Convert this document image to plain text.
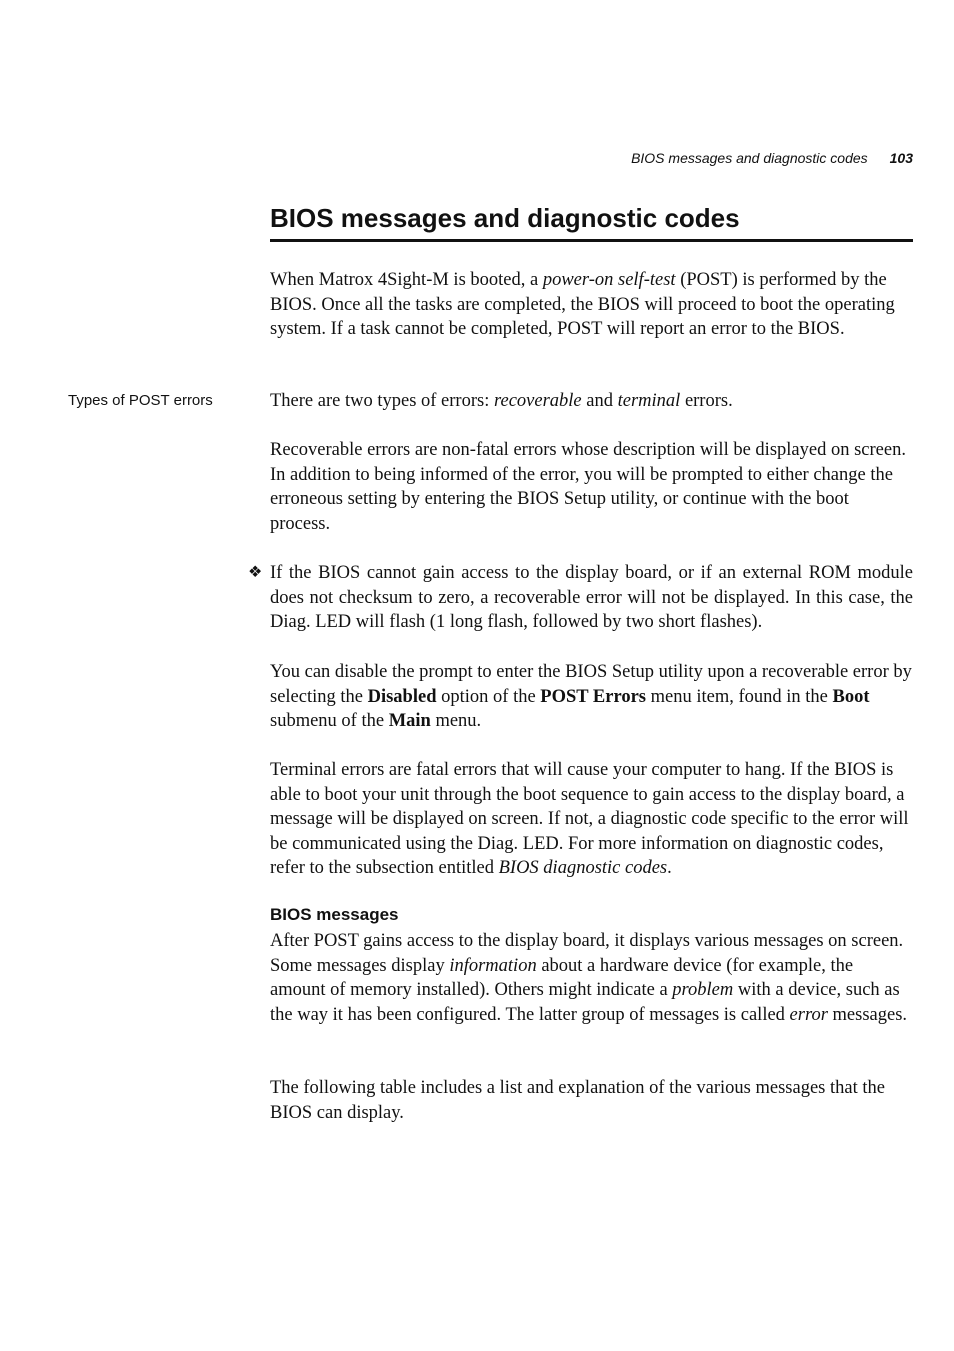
BIOS messages and diagnostic codes 103
BIOS messages and diagnostic codes

When Matrox 4Sight-M is booted, a power-on self-test (POST) is performed by the BIOS. Once all the tasks are completed, the BIOS will proceed to boot the operating system. If a task cannot be completed, POST will report an error to the BIOS.

Types of POST errors	There are two types of errors: recoverable and terminal errors.

Recoverable errors are non-fatal errors whose description will be displayed on screen. In addition to being informed of the error, you will be prompted to either change the erroneous setting by entering the BIOS Setup utility, or continue with the boot process.

❖ If the BIOS cannot gain access to the display board, or if an external ROM module does not checksum to zero, a recoverable error will not be displayed. In this case, the Diag. LED will flash (1 long flash, followed by two short flashes).

You can disable the prompt to enter the BIOS Setup utility upon a recoverable error by selecting the Disabled option of the POST Errors menu item, found in the Boot submenu of the Main menu.

Terminal errors are fatal errors that will cause your computer to hang. If the BIOS is able to boot your unit through the boot sequence to gain access to the display board, a message will be displayed on screen. If not, a diagnostic code specific to the error will be communicated using the Diag. LED. For more information on diagnostic codes, refer to the subsection entitled BIOS diagnostic codes.

BIOS messages

After POST gains access to the display board, it displays various messages on screen. Some messages display information about a hardware device (for example, the amount of memory installed). Others might indicate a problem with a device, such as the way it has been configured. The latter group of messages is called error messages.

The following table includes a list and explanation of the various messages that the BIOS can display.
